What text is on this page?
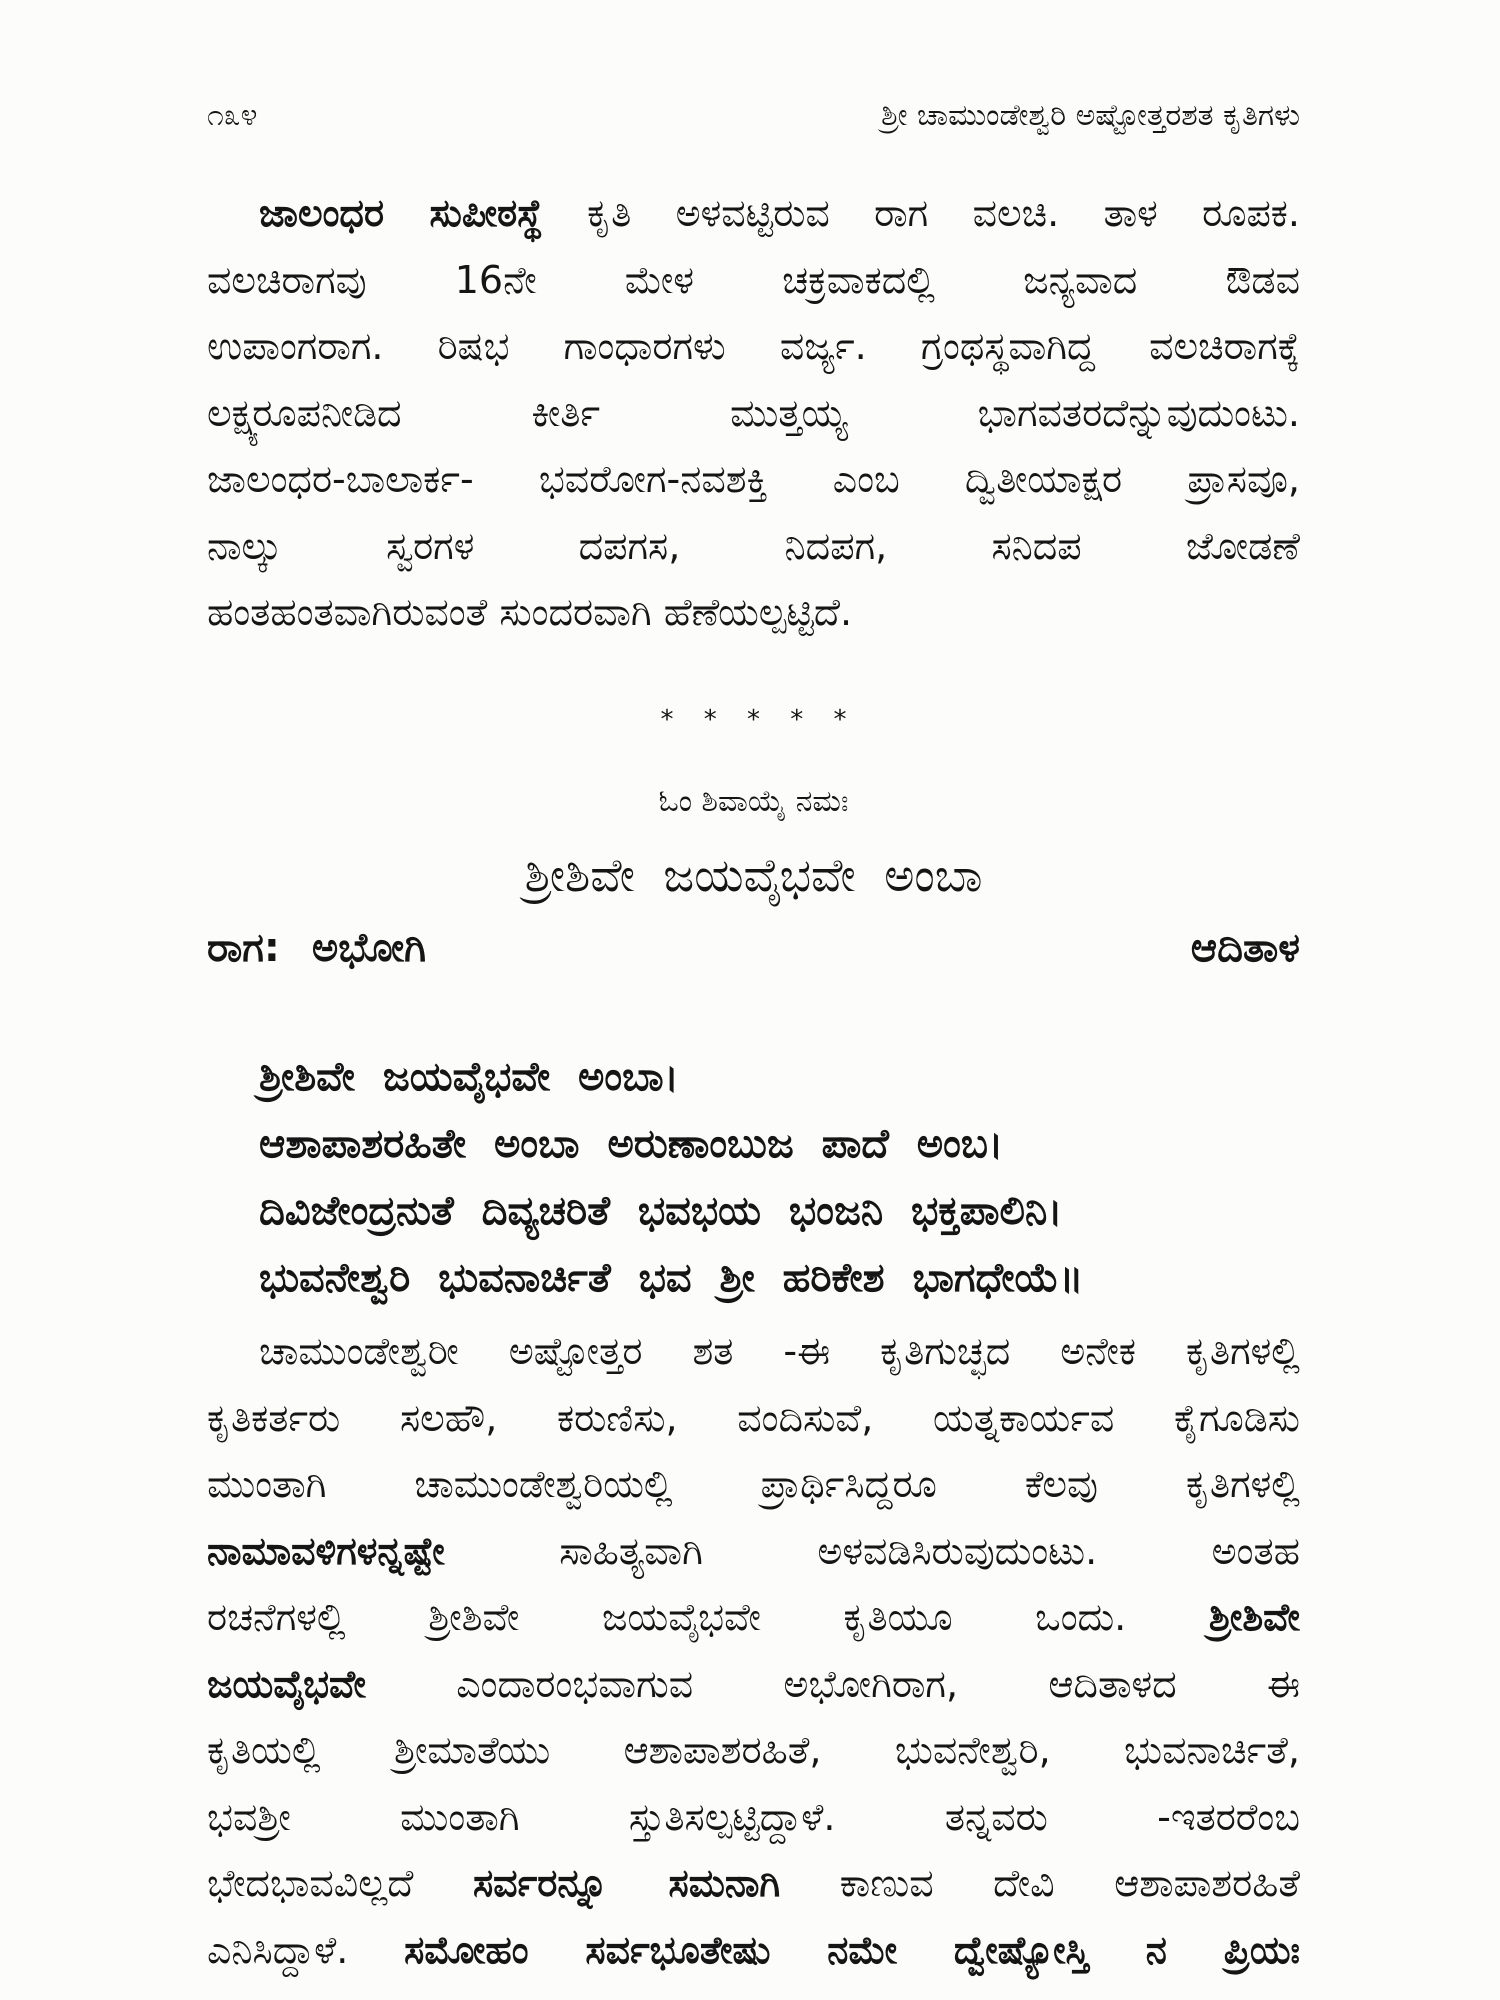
೧೩೪	ಶ್ರೀ ಚಾಮುಂಡೇಶ್ವರಿ ಅಷ್ಟೋತ್ತರಶತ ಕೃತಿಗಳು
ಜಾಲಂಧರ ಸುಪೀಠಸ್ಥೆ ಕೃತಿ ಅಳವಟ್ಟಿರುವ ರಾಗ ವಲಚಿ. ತಾಳ ರೂಪಕ.
ವಲಚಿರಾಗವು 16ನೇ ಮೇಳ ಚಕ್ರವಾಕದಲ್ಲಿ ಜನ್ಯವಾದ ಔಡವ
ಉಪಾಂಗರಾಗ. ರಿಷಭ ಗಾಂಧಾರಗಳು ವರ್ಜ್ಯ. ಗ್ರಂಥಸ್ಥವಾಗಿದ್ದ ವಲಚಿರಾಗಕ್ಕೆ
ಲಕ್ಷ್ಯರೂಪನೀಡಿದ ಕೀರ್ತಿ ಮುತ್ತಯ್ಯ ಭಾಗವತರದೆನ್ನುವುದುಂಟು.
ಜಾಲಂಧರ-ಬಾಲಾರ್ಕ- ಭವರೋಗ-ನವಶಕ್ತಿ ಎಂಬ ದ್ವಿತೀಯಾಕ್ಷರ ಪ್ರಾಸವೂ,
ನಾಲ್ಕು ಸ್ವರಗಳ ದಪಗಸ, ನಿದಪಗ, ಸನಿದಪ ಜೋಡಣೆ
ಹಂತಹಂತವಾಗಿರುವಂತೆ ಸುಂದರವಾಗಿ ಹೆಣೆಯಲ್ಪಟ್ಟಿದೆ.
* * * * *
ಓಂ ಶಿವಾಯೈ ನಮಃ
ಶ್ರೀಶಿವೇ ಜಯವೈಭವೇ ಅಂಬಾ
ರಾಗ: ಅಭೋಗಿ	ಆದಿತಾಳ
ಶ್ರೀಶಿವೇ ಜಯವೈಭವೇ ಅಂಬಾ।
ಆಶಾಪಾಶರಹಿತೇ ಅಂಬಾ ಅರುಣಾಂಬುಜ ಪಾದೆ ಅಂಬ।
ದಿವಿಜೇಂದ್ರನುತೆ ದಿವ್ಯಚರಿತೆ ಭವಭಯ ಭಂಜನಿ ಭಕ್ತಪಾಲಿನಿ।
ಭುವನೇಶ್ವರಿ ಭುವನಾರ್ಚಿತೆ ಭವ ಶ್ರೀ ಹರಿಕೇಶ ಭಾಗಧೇಯೆ॥
ಚಾಮುಂಡೇಶ್ವರೀ ಅಷ್ಟೋತ್ತರ ಶತ -ಈ ಕೃತಿಗುಚ್ಛದ ಅನೇಕ ಕೃತಿಗಳಲ್ಲಿ
ಕೃತಿಕರ್ತರು ಸಲಹೌ, ಕರುಣಿಸು, ವಂದಿಸುವೆ, ಯತ್ನಕಾರ್ಯವ ಕೈಗೂಡಿಸು
ಮುಂತಾಗಿ ಚಾಮುಂಡೇಶ್ವರಿಯಲ್ಲಿ ಪ್ರಾರ್ಥಿಸಿದ್ದರೂ ಕೆಲವು ಕೃತಿಗಳಲ್ಲಿ
ನಾಮಾವಳಿಗಳನ್ನಷ್ಟೇ ಸಾಹಿತ್ಯವಾಗಿ ಅಳವಡಿಸಿರುವುದುಂಟು. ಅಂತಹ
ರಚನೆಗಳಲ್ಲಿ ಶ್ರೀಶಿವೇ ಜಯವೈಭವೇ ಕೃತಿಯೂ ಒಂದು. ಶ್ರೀಶಿವೇ
ಜಯವೈಭವೇ ಎಂದಾರಂಭವಾಗುವ ಅಭೋಗಿರಾಗ, ಆದಿತಾಳದ ಈ
ಕೃತಿಯಲ್ಲಿ ಶ್ರೀಮಾತೆಯು ಆಶಾಪಾಶರಹಿತೆ, ಭುವನೇಶ್ವರಿ, ಭುವನಾರ್ಚಿತೆ,
ಭವಶ್ರೀ ಮುಂತಾಗಿ ಸ್ತುತಿಸಲ್ಪಟ್ಟಿದ್ದಾಳೆ. ತನ್ನವರು -ಇತರರೆಂಬ
ಭೇದಭಾವವಿಲ್ಲದೆ ಸರ್ವರನ್ನೂ ಸಮನಾಗಿ ಕಾಣುವ ದೇವಿ ಆಶಾಪಾಶರಹಿತೆ
ಎನಿಸಿದ್ದಾಳೆ. ಸಮೋಹಂ ಸರ್ವಭೂತೇಷು ನಮೇ ದ್ವೇಷ್ಯೋಸ್ತಿ ನ ಪ್ರಿಯಃ
